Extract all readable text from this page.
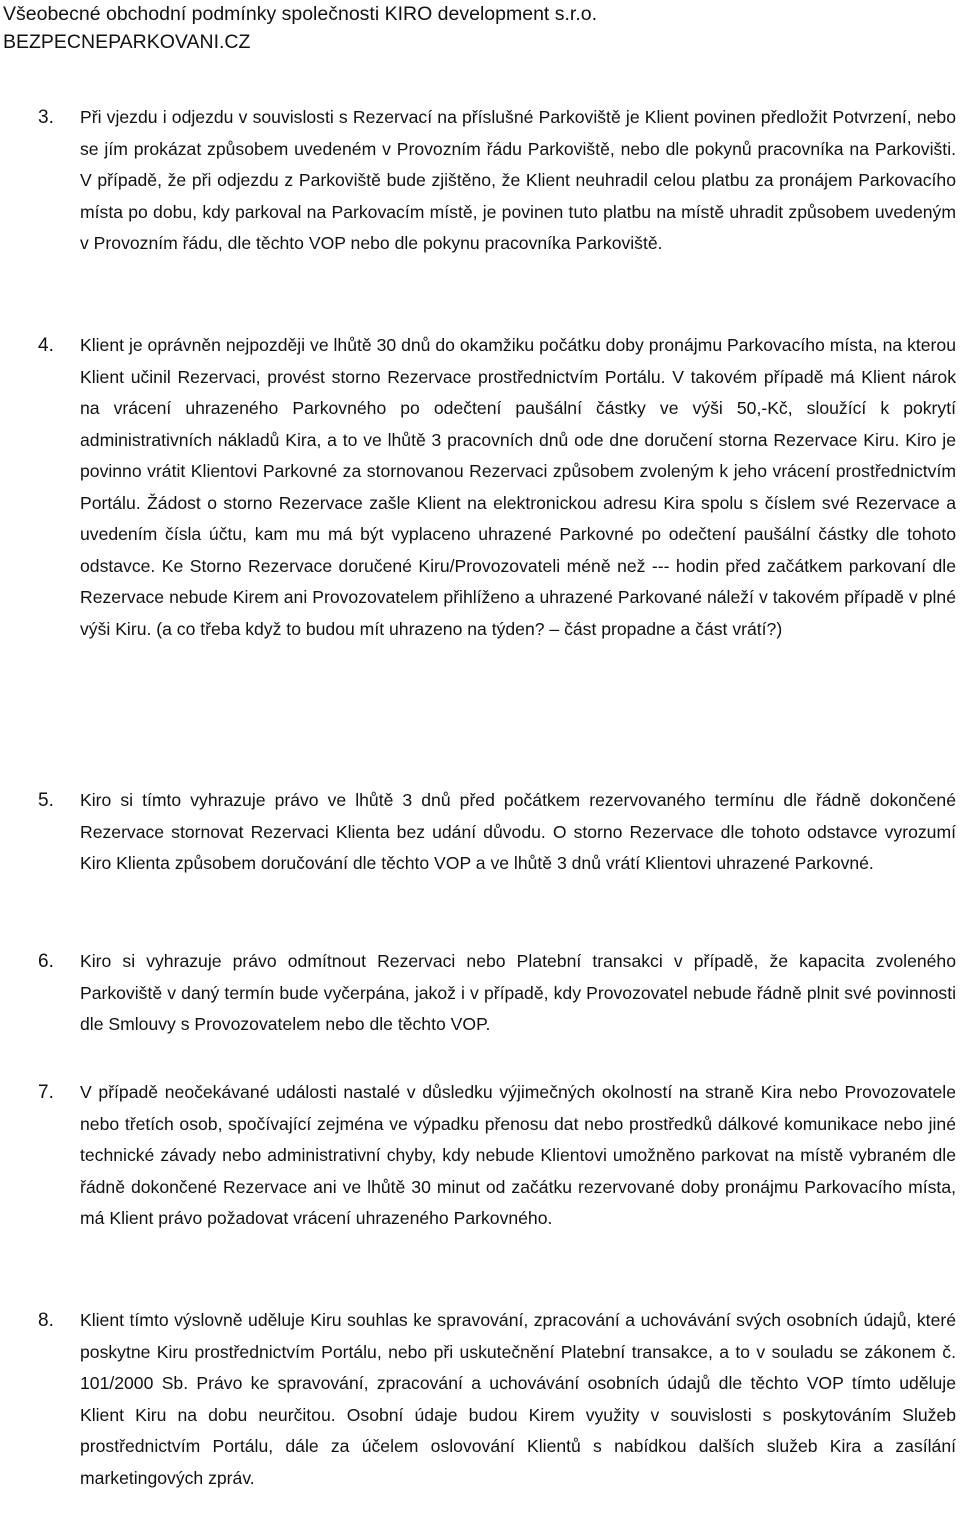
Všeobecné obchodní podmínky společnosti KIRO development s.r.o.
BEZPECNEPARKOVANI.CZ
3. Při vjezdu i odjezdu v souvislosti s Rezervací na příslušné Parkoviště je Klient povinen předložit Potvrzení, nebo se jím prokázat způsobem uvedeném v Provozním řádu Parkoviště, nebo dle pokynů pracovníka na Parkovišti. V případě, že při odjezdu z Parkoviště bude zjištěno, že Klient neuhradil celou platbu za pronájem Parkovacího místa po dobu, kdy parkoval na Parkovacím místě, je povinen tuto platbu na místě uhradit způsobem uvedeným v Provozním řádu, dle těchto VOP nebo dle pokynu pracovníka Parkoviště.
4. Klient je oprávněn nejpozději ve lhůtě 30 dnů do okamžiku počátku doby pronájmu Parkovacího místa, na kterou Klient učinil Rezervaci, provést storno Rezervace prostřednictvím Portálu. V takovém případě má Klient nárok na vrácení uhrazeného Parkovného po odečtení paušální částky ve výši 50,-Kč, sloužící k pokrytí administrativních nákladů Kira, a to ve lhůtě 3 pracovních dnů ode dne doručení storna Rezervace Kiru. Kiro je povinno vrátit Klientovi Parkovné za stornovanou Rezervaci způsobem zvoleným k jeho vrácení prostřednictvím Portálu. Žádost o storno Rezervace zašle Klient na elektronickou adresu Kira spolu s číslem své Rezervace a uvedením čísla účtu, kam mu má být vyplaceno uhrazené Parkovné po odečtení paušální částky dle tohoto odstavce. Ke Storno Rezervace doručené Kiru/Provozovateli méně než --- hodin před začátkem parkovaní dle Rezervace nebude Kirem ani Provozovatelem přihlíženo a uhrazené Parkované náleží v takovém případě v plné výši Kiru. (a co třeba když to budou mít uhrazeno na týden? – část propadne a část vrátí?)
5. Kiro si tímto vyhrazuje právo ve lhůtě 3 dnů před počátkem rezervovaného termínu dle řádně dokončené Rezervace stornovat Rezervaci Klienta bez udání důvodu. O storno Rezervace dle tohoto odstavce vyrozumí Kiro Klienta způsobem doručování dle těchto VOP a ve lhůtě 3 dnů vrátí Klientovi uhrazené Parkovné.
6. Kiro si vyhrazuje právo odmítnout Rezervaci nebo Platební transakci v případě, že kapacita zvoleného Parkoviště v daný termín bude vyčerpána, jakož i v případě, kdy Provozovatel nebude řádně plnit své povinnosti dle Smlouvy s Provozovatelem nebo dle těchto VOP.
7. V případě neočekávané události nastalé v důsledku výjimečných okolností na straně Kira nebo Provozovatele nebo třetích osob, spočívající zejména ve výpadku přenosu dat nebo prostředků dálkové komunikace nebo jiné technické závady nebo administrativní chyby, kdy nebude Klientovi umožněno parkovat na místě vybraném dle řádně dokončené Rezervace ani ve lhůtě 30 minut od začátku rezervované doby pronájmu Parkovacího místa, má Klient právo požadovat vrácení uhrazeného Parkovného.
8. Klient tímto výslovně uděluje Kiru souhlas ke spravování, zpracování a uchovávání svých osobních údajů, které poskytne Kiru prostřednictvím Portálu, nebo při uskutečnění Platební transakce, a to v souladu se zákonem č. 101/2000 Sb. Právo ke spravování, zpracování a uchovávání osobních údajů dle těchto VOP tímto uděluje Klient Kiru na dobu neurčitou. Osobní údaje budou Kirem využity v souvislosti s poskytováním Služeb prostřednictvím Portálu, dále za účelem oslovování Klientů s nabídkou dalších služeb Kira a zasílání marketingových zpráv.
